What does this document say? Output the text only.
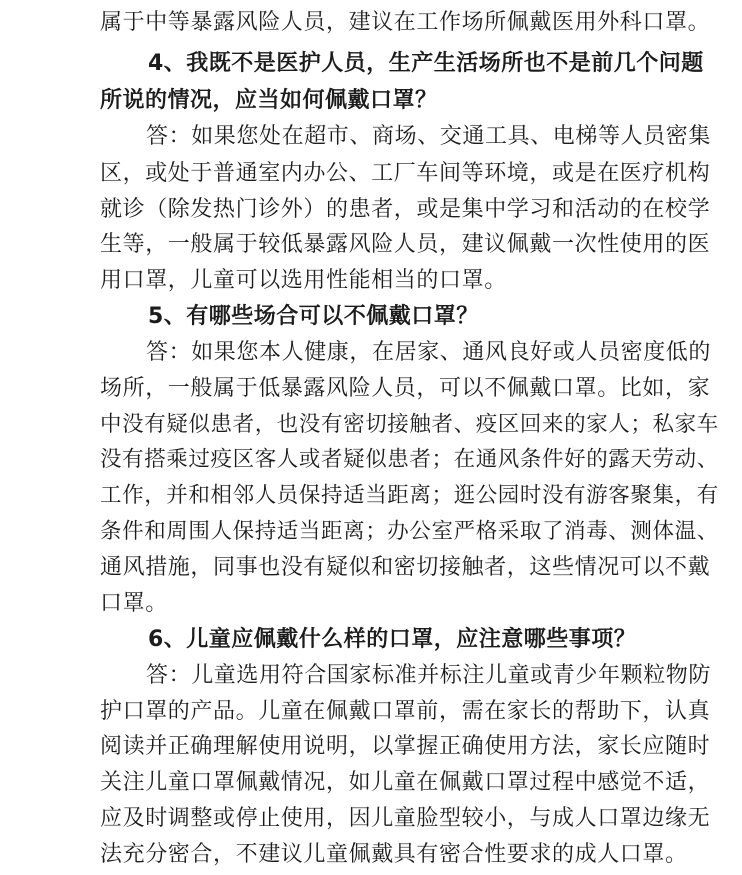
属于中等暴露风险人员，建议在工作场所佩戴医用外科口罩。
4、我既不是医护人员，生产生活场所也不是前几个问题
所说的情况，应当如何佩戴口罩？
答：如果您处在超市、商场、交通工具、电梯等人员密集
区，或处于普通室内办公、工厂车间等环境，或是在医疗机构
就诊（除发热门诊外）的患者，或是集中学习和活动的在校学
生等，一般属于较低暴露风险人员，建议佩戴一次性使用的医
用口罩，儿童可以选用性能相当的口罩。
5、有哪些场合可以不佩戴口罩？
答：如果您本人健康，在居家、通风良好或人员密度低的
场所，一般属于低暴露风险人员，可以不佩戴口罩。比如，家
中没有疑似患者，也没有密切接触者、疫区回来的家人；私家车
没有搭乘过疫区客人或者疑似患者；在通风条件好的露天劳动、
工作，并和相邻人员保持适当距离；逛公园时没有游客聚集，有
条件和周围人保持适当距离；办公室严格采取了消毒、测体温、
通风措施，同事也没有疑似和密切接触者，这些情况可以不戴
口罩。
6、儿童应佩戴什么样的口罩，应注意哪些事项？
答：儿童选用符合国家标准并标注儿童或青少年颗粒物防
护口罩的产品。儿童在佩戴口罩前，需在家长的帮助下，认真
阅读并正确理解使用说明，以掌握正确使用方法，家长应随时
关注儿童口罩佩戴情况，如儿童在佩戴口罩过程中感觉不适，
应及时调整或停止使用，因儿童脸型较小，与成人口罩边缘无
法充分密合，不建议儿童佩戴具有密合性要求的成人口罩。
